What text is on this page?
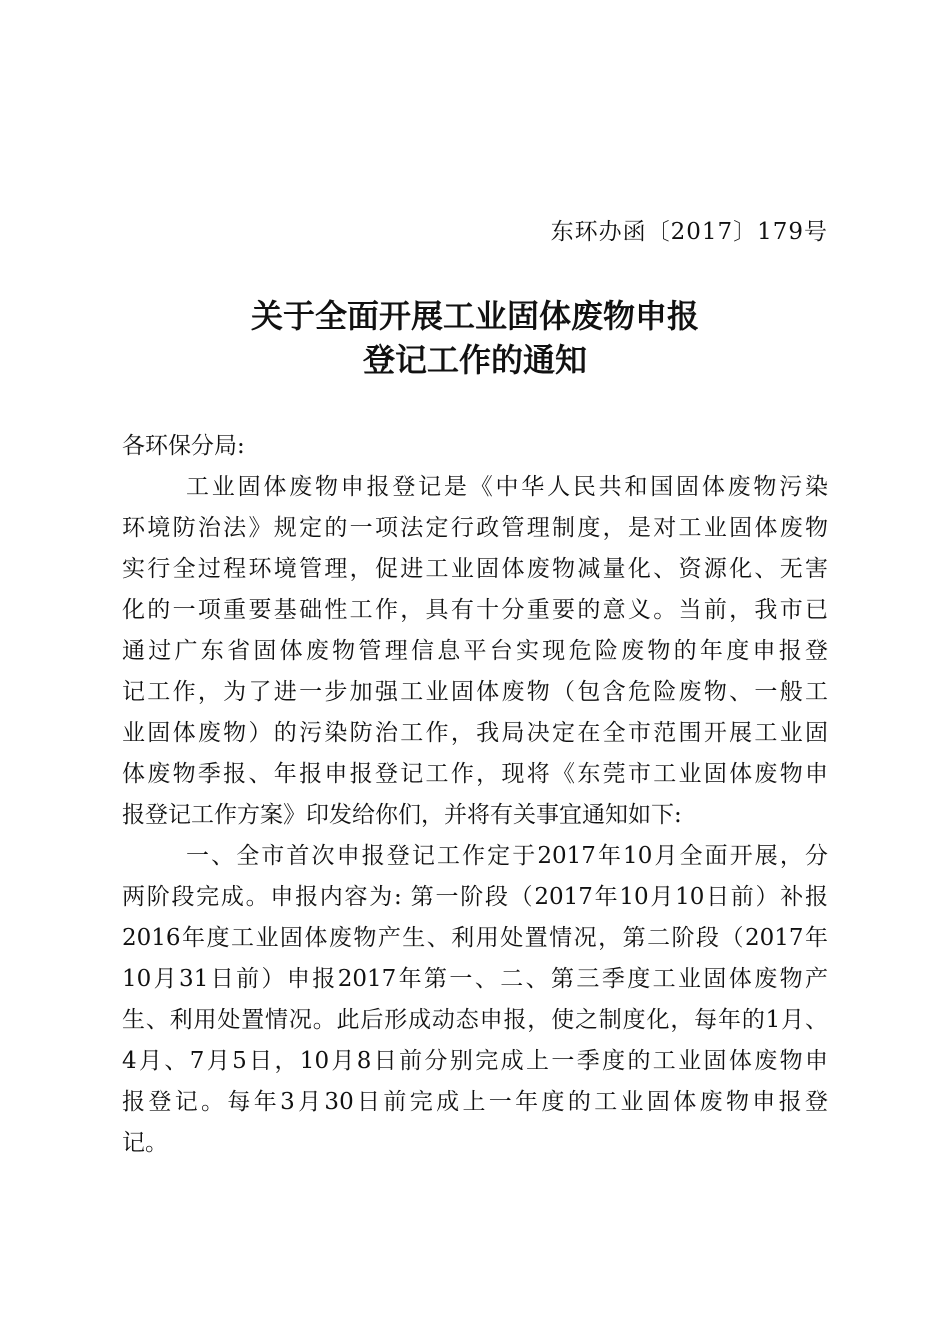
东环办函〔2017〕179号
关于全面开展工业固体废物申报
登记工作的通知
各环保分局:
工业固体废物申报登记是《中华人民共和国固体废物污染
环境防治法》规定的一项法定行政管理制度，是对工业固体废物
实行全过程环境管理，促进工业固体废物减量化、资源化、无害
化的一项重要基础性工作，具有十分重要的意义。当前，我市已
通过广东省固体废物管理信息平台实现危险废物的年度申报登
记工作，为了进一步加强工业固体废物（包含危险废物、一般工
业固体废物）的污染防治工作，我局决定在全市范围开展工业固
体废物季报、年报申报登记工作，现将《东莞市工业固体废物申
报登记工作方案》印发给你们，并将有关事宜通知如下:
一、全市首次申报登记工作定于2017年10月全面开展，分
两阶段完成。申报内容为: 第一阶段（2017年10月10日前）补报
2016年度工业固体废物产生、利用处置情况，第二阶段（2017年
10月31日前）申报2017年第一、二、第三季度工业固体废物产
生、利用处置情况。此后形成动态申报，使之制度化，每年的1月、
4月、7月5日，10月8日前分别完成上一季度的工业固体废物申
报登记。每年3月30日前完成上一年度的工业固体废物申报登
记。
